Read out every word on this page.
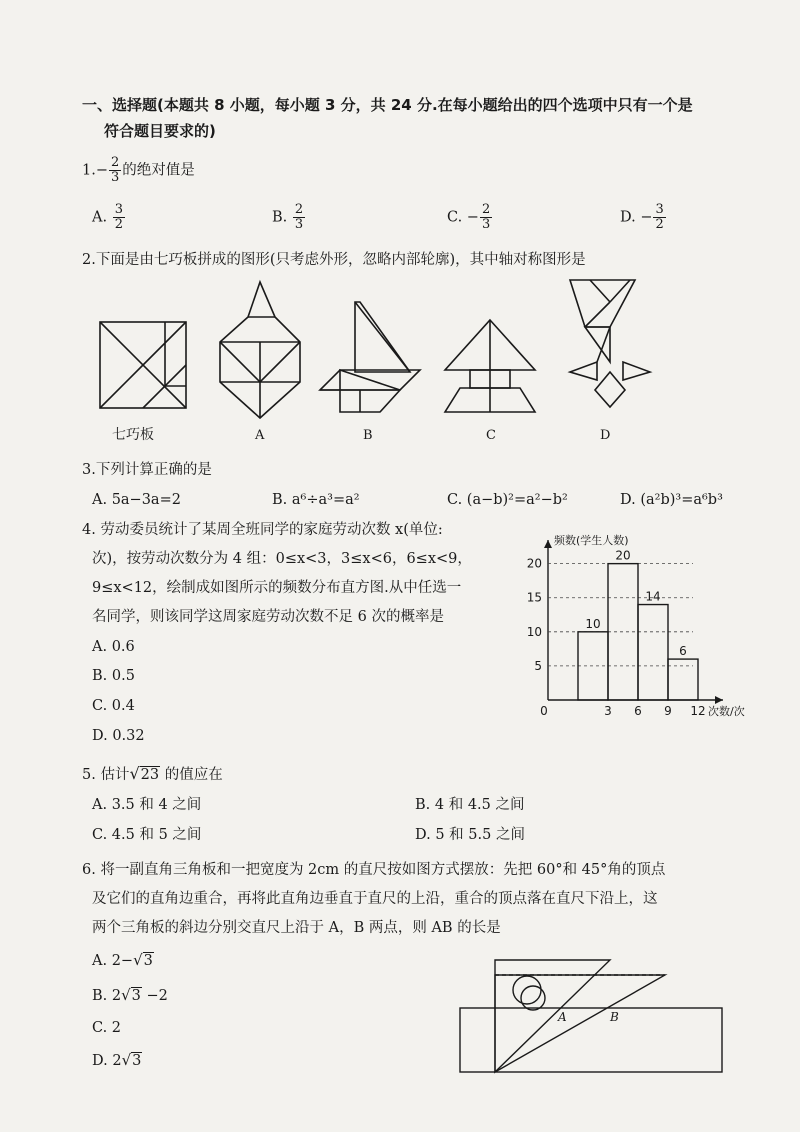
一、选择题(本题共 8 小题，每小题 3 分，共 24 分.在每小题给出的四个选项中只有一个是
符合题目要求的)
$1.- \frac{2}{3}$ 的绝对值是
A. $\frac{3}{2}$	B. $\frac{2}{3}$	C. − $\frac{2}{3}$	D. − $\frac{3}{2}$
2.下面是由七巧板拼成的图形(只考虑外形，忽略内部轮廓)，其中轴对称图形是
七巧板	A	B	C	D
3.下列计算正确的是
A. 5a−3a=2	B. a⁶÷a³=a²	C. (a−b)²=a²−b²	D. (a²b)³=a⁶b³
4. 劳动委员统计了某周全班同学的家庭劳动次数 x(单位:
次)，按劳动次数分为 4 组：0≤x<3，3≤x<6，6≤x<9，
9≤x<12，绘制成如图所示的频数分布直方图.从中任选一
名同学，则该同学这周家庭劳动次数不足 6 次的概率是
A. 0.6
B. 0.5
C. 0.4
D. 0.32
5
10
15
20
10
20
14
6
0	3 6 9 12
频数(学生人数)
次数/次
5. 估计√23 的值应在
A. 3.5 和 4 之间	B. 4 和 4.5 之间
C. 4.5 和 5 之间	D. 5 和 5.5 之间
6. 将一副直角三角板和一把宽度为 2cm 的直尺按如图方式摆放：先把 60°和 45°角的顶点
及它们的直角边重合，再将此直角边垂直于直尺的上沿，重合的顶点落在直尺下沿上，这
两个三角板的斜边分别交直尺上沿于 A，B 两点，则 AB 的长是
A. 2−√3
B. 2√3 −2
C. 2
D. 2√3
A	B
